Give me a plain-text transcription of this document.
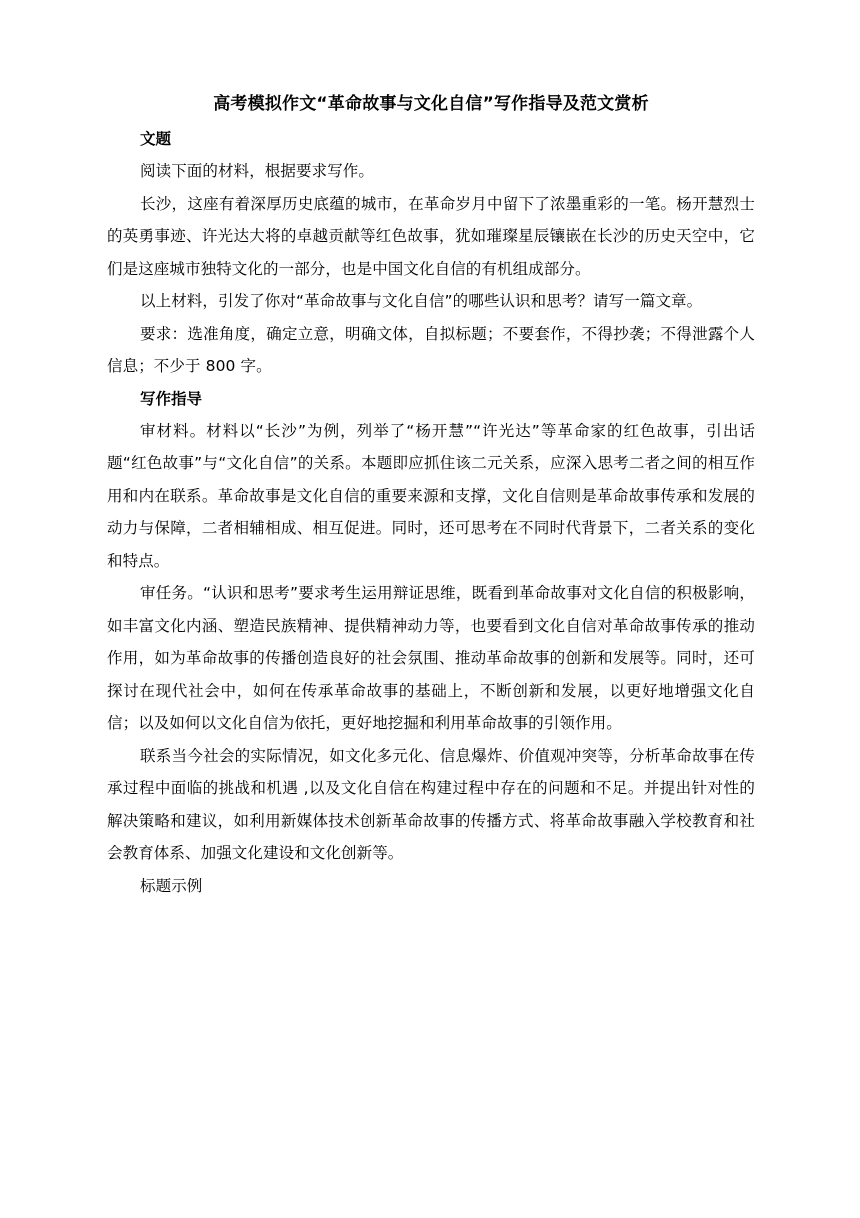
高考模拟作文“革命故事与文化自信”写作指导及范文赏析

文题

阅读下面的材料，根据要求写作。

长沙，这座有着深厚历史底蕴的城市，在革命岁月中留下了浓墨重彩的一笔。杨开慧烈士的英勇事迹、许光达大将的卓越贡献等红色故事，犹如璀璨星辰镶嵌在长沙的历史天空中，它们是这座城市独特文化的一部分，也是中国文化自信的有机组成部分。

以上材料，引发了你对“革命故事与文化自信”的哪些认识和思考？请写一篇文章。

要求：选准角度，确定立意，明确文体，自拟标题；不要套作，不得抄袭；不得泄露个人信息；不少于 800 字。

写作指导

审材料。材料以“长沙”为例，列举了“杨开慧”“许光达”等革命家的红色故事，引出话题“红色故事”与“文化自信”的关系。本题即应抓住该二元关系，应深入思考二者之间的相互作用和内在联系。革命故事是文化自信的重要来源和支撑，文化自信则是革命故事传承和发展的动力与保障，二者相辅相成、相互促进。同时，还可思考在不同时代背景下，二者关系的变化和特点。

审任务。“认识和思考”要求考生运用辩证思维，既看到革命故事对文化自信的积极影响，如丰富文化内涵、塑造民族精神、提供精神动力等，也要看到文化自信对革命故事传承的推动作用，如为革命故事的传播创造良好的社会氛围、推动革命故事的创新和发展等。同时，还可探讨在现代社会中，如何在传承革命故事的基础上，不断创新和发展，以更好地增强文化自信；以及如何以文化自信为依托，更好地挖掘和利用革命故事的引领作用。

联系当今社会的实际情况，如文化多元化、信息爆炸、价值观冲突等，分析革命故事在传承过程中面临的挑战和机遇 ,以及文化自信在构建过程中存在的问题和不足。并提出针对性的解决策略和建议，如利用新媒体技术创新革命故事的传播方式、将革命故事融入学校教育和社会教育体系、加强文化建设和文化创新等。

标题示例
